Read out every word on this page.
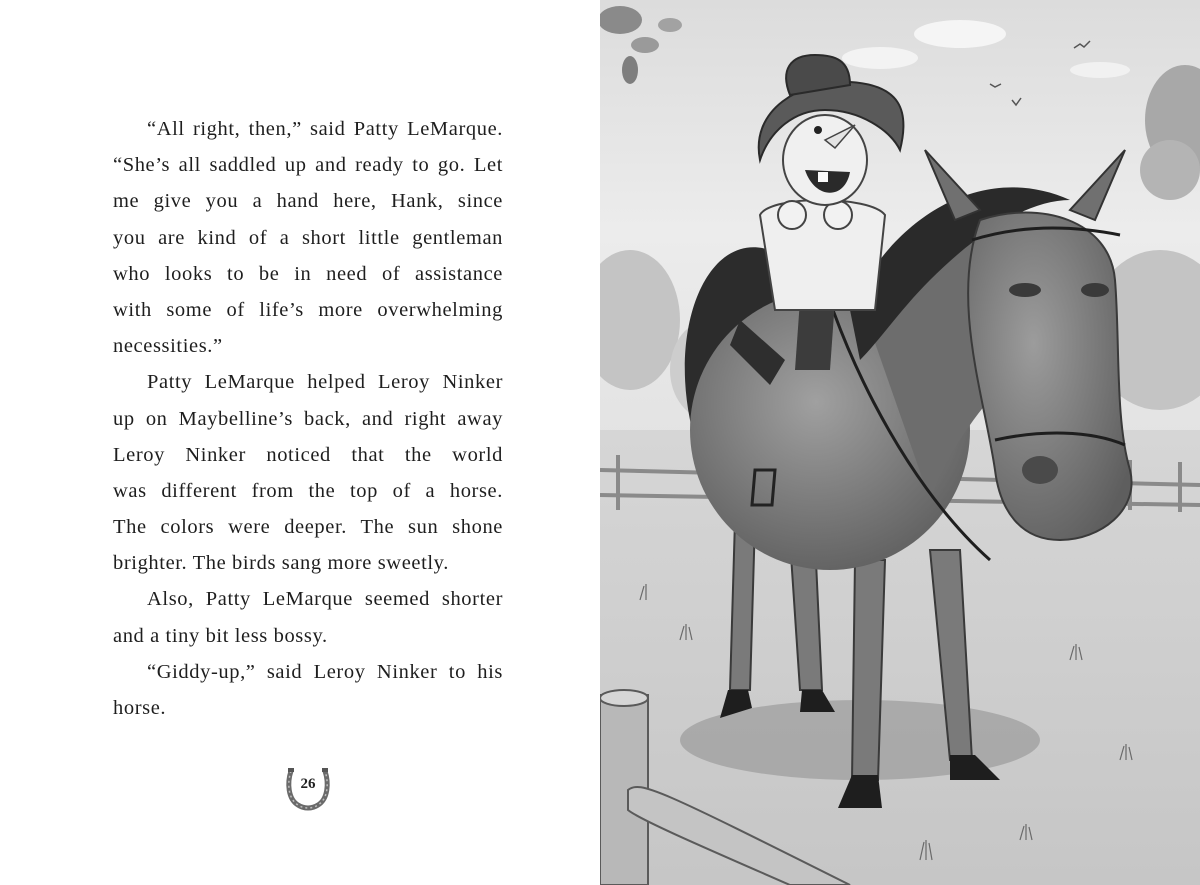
“All right, then,” said Patty LeMarque.
“She’s all saddled up and ready to go. Let
me give you a hand here, Hank, since
you are kind of a short little gentleman
who looks to be in need of assistance
with some of life’s more overwhelming
necessities.”
Patty LeMarque helped Leroy Ninker
up on Maybelline’s back, and right away
Leroy Ninker noticed that the world
was different from the top of a horse.
The colors were deeper. The sun shone
brighter. The birds sang more sweetly.
Also, Patty LeMarque seemed shorter
and a tiny bit less bossy.
“Giddy-up,” said Leroy Ninker to his
horse.
26
